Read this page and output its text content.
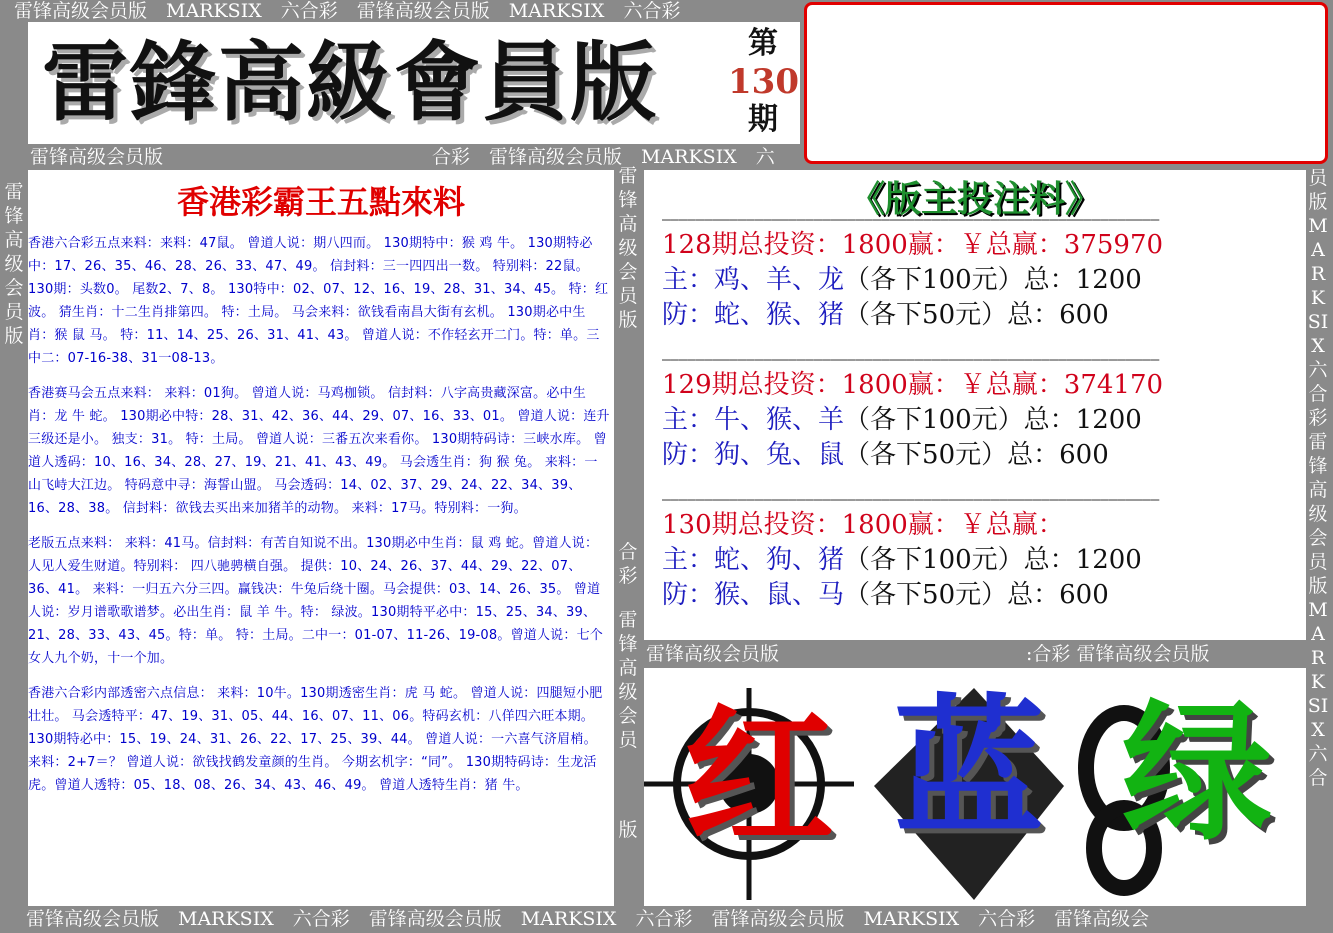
雷锋高级会员版　MARKSIX　六合彩　雷锋高级会员版　MARKSIX　六合彩
雷鋒高級會員版	第
130
期
雷锋高级会员版	合彩　雷锋高级会员版　MARKSIX　六
雷锋高级会员版
香港彩霸王五點來料
香港六合彩五点来料：来料：47鼠。 曾道人说：期八四而。 130期特中：猴 鸡 牛。 130期特必中：17、26、35、46、28、26、33、47、49。 信封料：三一四四出一数。 特别料：22鼠。 130期：头数0。 尾数2、7、8。 130特中：02、07、12、16、19、28、31、34、45。 特：红波。 猜生肖：十二生肖排第四。 特：土局。 马会来料：欲钱看南昌大街有玄机。 130期必中生肖：猴 鼠 马。 特：11、14、25、26、31、41、43。 曾道人说：不作轻玄开二门。特：单。三中二：07-16-38、31一08-13。
香港赛马会五点来料： 来料：01狗。 曾道人说：马鸡枷锁。 信封料：八字高贵藏深富。必中生肖：龙 牛 蛇。 130期必中特：28、31、42、36、44、29、07、16、33、01。 曾道人说：连升三级还是小。 独支：31。 特：土局。 曾道人说：三番五次来看你。 130期特码诗：三峡水库。 曾道人透码：10、16、34、28、27、19、21、41、43、49。 马会透生肖：狗 猴 兔。 来料：一山飞峙大江边。 特码意中寻：海誓山盟。 马会透码：14、02、37、29、24、22、34、39、16、28、38。 信封料：欲钱去买出来加猪羊的动物。 来料：17马。特别料：一狗。
老版五点来料： 来料：41马。信封料：有苦自知说不出。130期必中生肖：鼠 鸡 蛇。曾道人说：人见人爱生财道。特别料： 四八驰骋横自强。 提供：10、24、26、37、44、29、22、07、36、41。 来料：一归五六分三四。赢钱决：牛兔后绕十圈。马会提供：03、14、26、35。 曾道人说：岁月谱歌歌谱梦。必出生肖：鼠 羊 牛。特： 绿波。130期特平必中：15、25、34、39、21、28、33、43、45。特：单。 特：土局。二中一：01-07、11-26、19-08。曾道人说：七个女人九个奶，十一个加。
香港六合彩内部透密六点信息： 来料：10牛。130期透密生肖：虎 马 蛇。 曾道人说：四腿短小肥壮壮。 马会透特平：47、19、31、05、44、16、07、11、06。特码玄机：八佯四六旺本期。 130期特必中：15、19、24、31、26、22、17、25、39、44。 曾道人说：一六喜气济眉梢。 来料：2+7＝？ 曾道人说：欲钱找鹤发童颜的生肖。 今期玄机字：“同”。 130期特码诗：生龙活虎。曾道人透特：05、18、08、26、34、43、46、49。 曾道人透特生肖：猪 牛。
雷锋高级会员版
合彩
雷锋高级会员
版
《版主投注料》
———————————————————————————————————————————————————————————
128期总投资：1800赢：￥总赢：375970
主：鸡、羊、龙（各下100元）总：1200
防：蛇、猴、猪（各下50元）总：600
———————————————————————————————————————————————————————————
129期总投资：1800赢：￥总赢：374170
主：牛、猴、羊（各下100元）总：1200
防：狗、兔、鼠（各下50元）总：600
———————————————————————————————————————————————————————————
130期总投资：1800赢：￥总赢：
主：蛇、狗、猪（各下100元）总：1200
防：猴、鼠、马（各下50元）总：600
雷锋高级会员版　　　　　　　　　　　　　:合彩 雷锋高级会员版
红 蓝 绿
员版MARKSIX六合彩雷锋高级会员版MARKSIX六合
雷锋高级会员版　MARKSIX　六合彩　雷锋高级会员版　MARKSIX　六合彩　雷锋高级会员版　MARKSIX　六合彩　雷锋高级会
